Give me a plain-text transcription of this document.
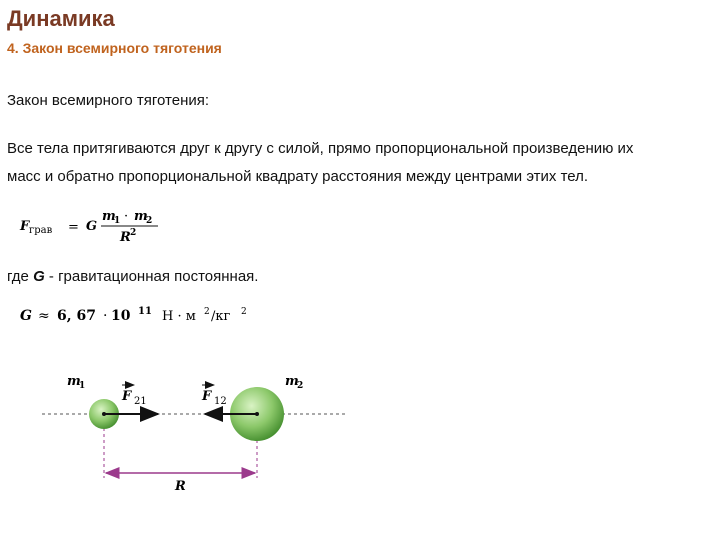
Динамика
4. Закон всемирного тяготения
Закон всемирного тяготения:
Все тела притягиваются друг к другу с силой, прямо пропорциональной произведению их
масс и обратно пропорциональной квадрату расстояния между центрами этих тел.
F грав = G
m
1 · m
2
R 2
где G - гравитационная постоянная.
G ≈ 6, 67 · 10 11 Н · м 2 /кг 2
m
1	m
2
F 21	F 12
R
